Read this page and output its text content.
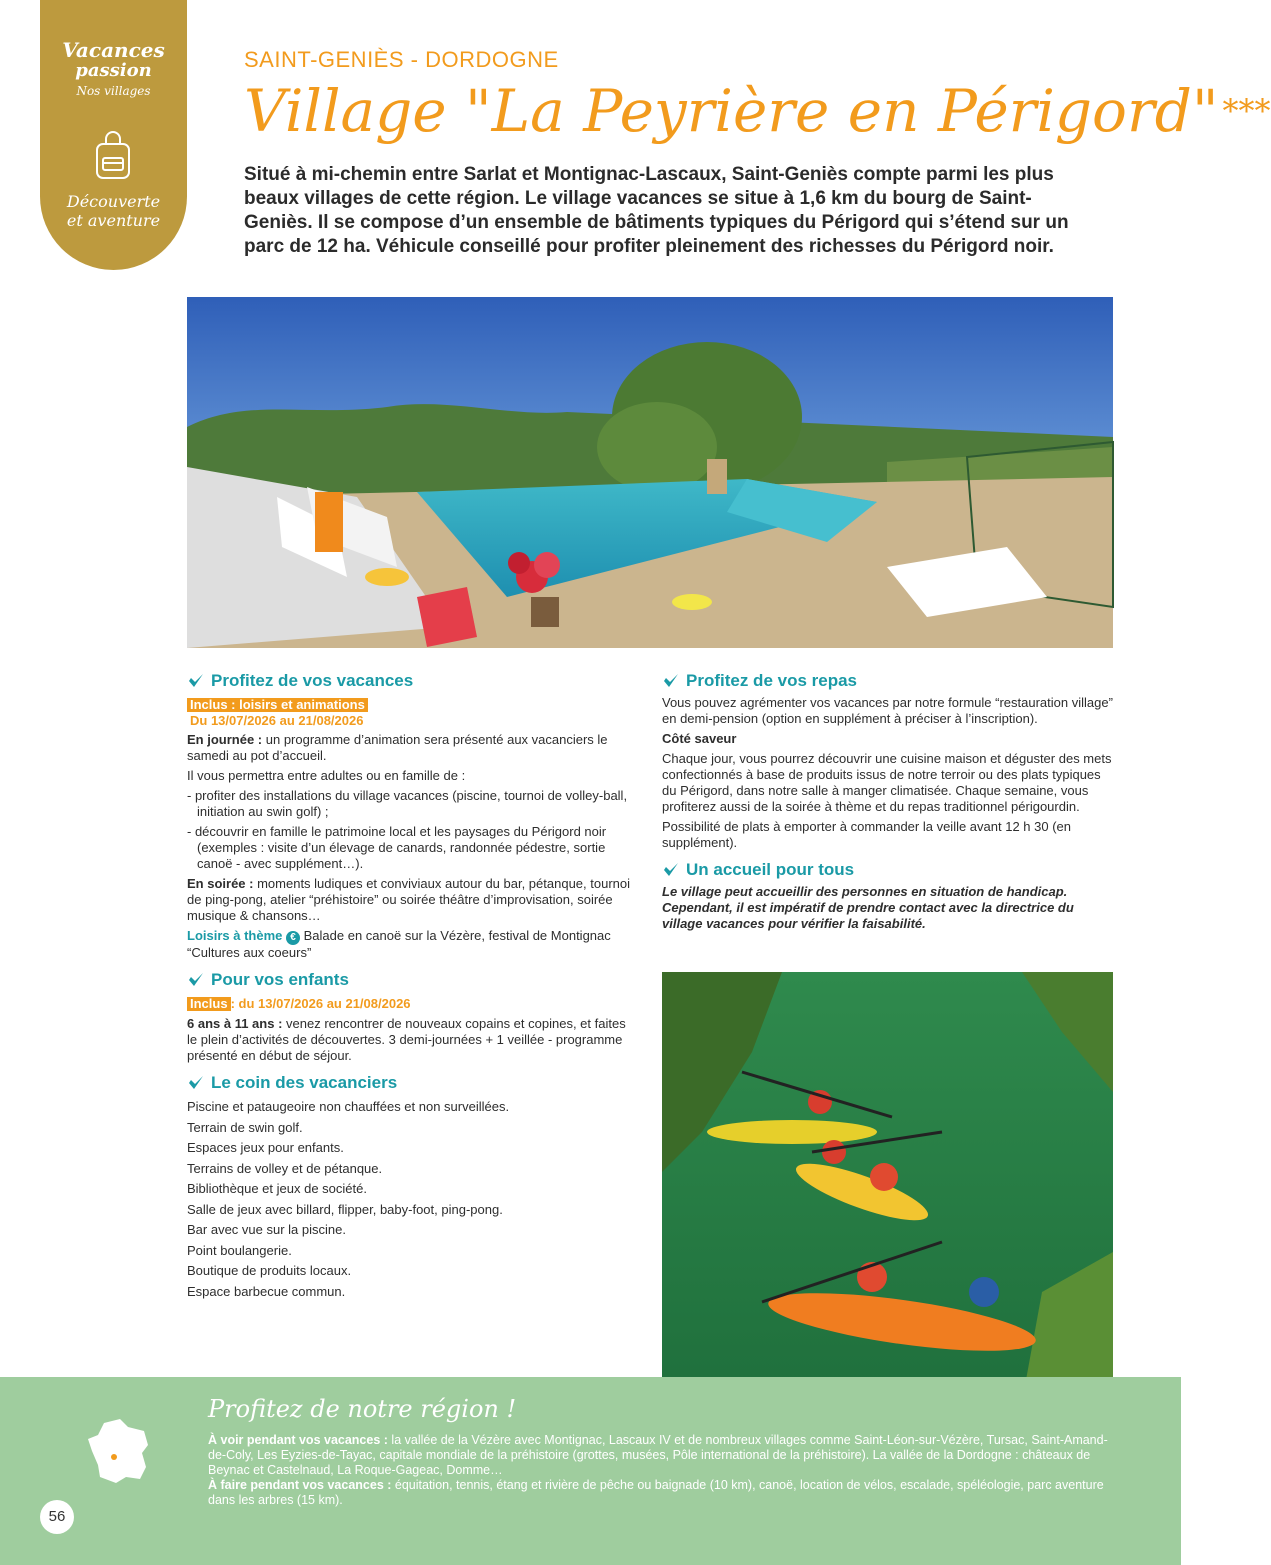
Vacances
passion
Nos villages
Découverte
et aventure
SAINT-GENIÈS - DORDOGNE
Village "La Peyrière en Périgord" ***
Situé à mi-chemin entre Sarlat et Montignac-Lascaux, Saint-Geniès compte parmi les plus beaux villages de cette région. Le village vacances se situe à 1,6 km du bourg de Saint-Geniès. Il se compose d’un ensemble de bâtiments typiques du Périgord qui s’étend sur un parc de 12 ha. Véhicule conseillé pour profiter pleinement des richesses du Périgord noir.
Profitez de vos vacances

Inclus : loisirs et animations

Du 13/07/2026 au 21/08/2026

En journée : un programme d’animation sera présenté aux vacanciers le samedi au pot d’accueil.

Il vous permettra entre adultes ou en famille de :

- profiter des installations du village vacances (piscine, tournoi de volley-ball, initiation au swin golf) ;

- découvrir en famille le patrimoine local et les paysages du Périgord noir (exemples : visite d’un élevage de canards, randonnée pédestre, sortie canoë - avec supplément…).

En soirée : moments ludiques et conviviaux autour du bar, pétanque, tournoi de ping-pong, atelier “préhistoire” ou soirée théâtre d’improvisation, soirée musique & chansons…

Loisirs à thème € Balade en canoë sur la Vézère, festival de Montignac “Cultures aux coeurs”

Pour vos enfants

Inclus : du 13/07/2026 au 21/08/2026

6 ans à 11 ans : venez rencontrer de nouveaux copains et copines, et faites le plein d’activités de découvertes. 3 demi-journées + 1 veillée - programme présenté en début de séjour.

Le coin des vacanciers

Piscine et pataugeoire non chauffées et non surveillées.

Terrain de swin golf.

Espaces jeux pour enfants.

Terrains de volley et de pétanque.

Bibliothèque et jeux de société.

Salle de jeux avec billard, flipper, baby-foot, ping-pong.

Bar avec vue sur la piscine.

Point boulangerie.

Boutique de produits locaux.

Espace barbecue commun.

Profitez de vos repas

Vous pouvez agrémenter vos vacances par notre formule “restauration village” en demi-pension (option en supplément à préciser à l’inscription).

Côté saveur

Chaque jour, vous pourrez découvrir une cuisine maison et déguster des mets confectionnés à base de produits issus de notre terroir ou des plats typiques du Périgord, dans notre salle à manger climatisée. Chaque semaine, vous profiterez aussi de la soirée à thème et du repas traditionnel périgourdin.

Possibilité de plats à emporter à commander la veille avant 12 h 30 (en supplément).

Un accueil pour tous

Le village peut accueillir des personnes en situation de handicap. Cependant, il est impératif de prendre contact avec la directrice du village vacances pour vérifier la faisabilité.

Profitez de notre région !

À voir pendant vos vacances : la vallée de la Vézère avec Montignac, Lascaux IV et de nombreux villages comme Saint-Léon-sur-Vézère, Tursac, Saint-Amand-de-Coly, Les Eyzies-de-Tayac, capitale mondiale de la préhistoire (grottes, musées, Pôle international de la préhistoire). La vallée de la Dordogne : châteaux de Beynac et Castelnaud, La Roque-Gageac, Domme…

À faire pendant vos vacances : équitation, tennis, étang et rivière de pêche ou baignade (10 km), canoë, location de vélos, escalade, spéléologie, parc aventure dans les arbres (15 km).

56
